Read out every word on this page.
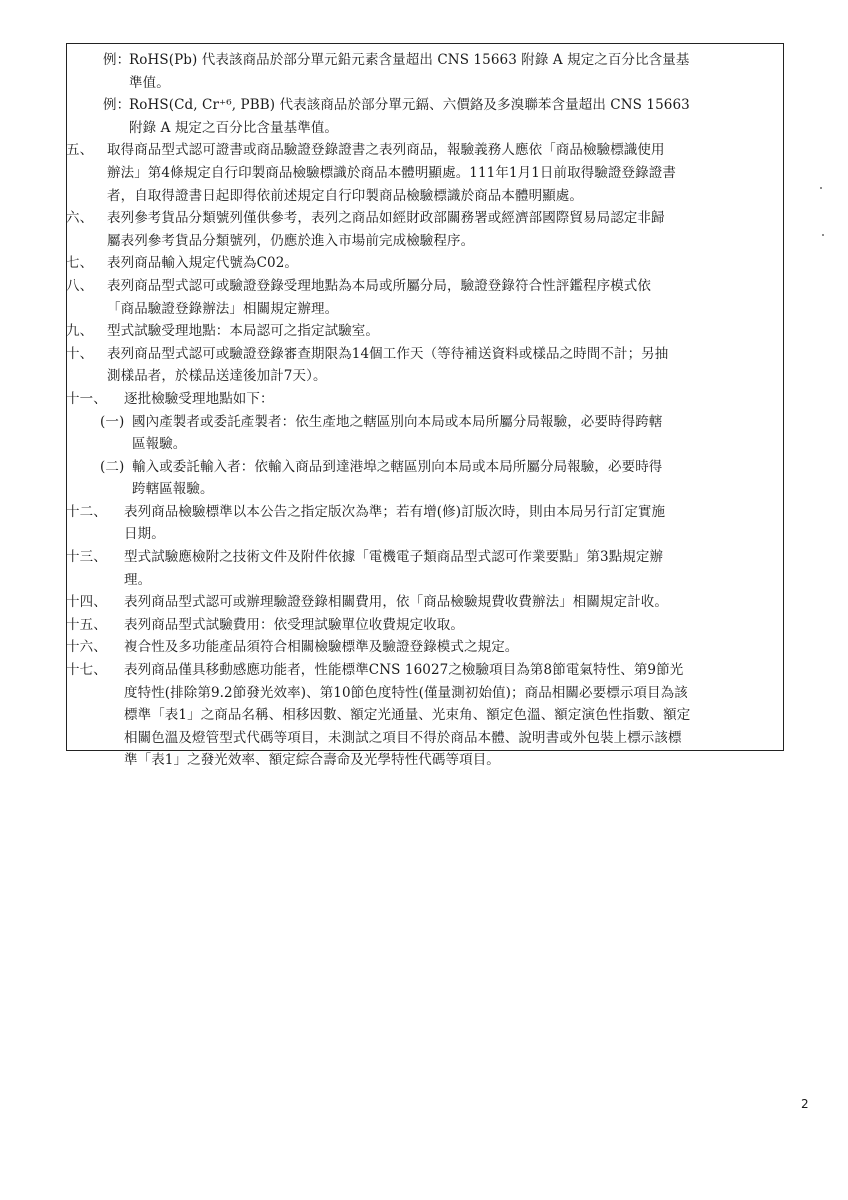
例：
RoHS(Pb) 代表該商品於部分單元鉛元素含量超出 CNS 15663 附錄 A 規定之百分比含量基
準值。
例：
RoHS(Cd, Cr⁺⁶, PBB) 代表該商品於部分單元鎘、六價鉻及多溴聯苯含量超出 CNS 15663
附錄 A 規定之百分比含量基準值。
五、 取得商品型式認可證書或商品驗證登錄證書之表列商品，報驗義務人應依「商品檢驗標識使用
辦法」第4條規定自行印製商品檢驗標識於商品本體明顯處。111年1月1日前取得驗證登錄證書
者，自取得證書日起即得依前述規定自行印製商品檢驗標識於商品本體明顯處。
六、 表列參考貨品分類號列僅供參考，表列之商品如經財政部關務署或經濟部國際貿易局認定非歸
屬表列參考貨品分類號列，仍應於進入市場前完成檢驗程序。
七、 表列商品輸入規定代號為C02。
八、 表列商品型式認可或驗證登錄受理地點為本局或所屬分局，驗證登錄符合性評鑑程序模式依
「商品驗證登錄辦法」相關規定辦理。
九、 型式試驗受理地點：本局認可之指定試驗室。
十、 表列商品型式認可或驗證登錄審查期限為14個工作天（等待補送資料或樣品之時間不計；另抽
測樣品者，於樣品送達後加計7天）。
十一、 逐批檢驗受理地點如下：
(一) 國內產製者或委託產製者：依生產地之轄區別向本局或本局所屬分局報驗，必要時得跨轄
區報驗。
(二) 輸入或委託輸入者：依輸入商品到達港埠之轄區別向本局或本局所屬分局報驗，必要時得
跨轄區報驗。
十二、 表列商品檢驗標準以本公告之指定版次為準；若有增(修)訂版次時，則由本局另行訂定實施
日期。
十三、 型式試驗應檢附之技術文件及附件依據「電機電子類商品型式認可作業要點」第3點規定辦
理。
十四、 表列商品型式認可或辦理驗證登錄相關費用，依「商品檢驗規費收費辦法」相關規定計收。
十五、 表列商品型式試驗費用：依受理試驗單位收費規定收取。
十六、 複合性及多功能產品須符合相關檢驗標準及驗證登錄模式之規定。
十七、 表列商品僅具移動感應功能者，性能標準CNS 16027之檢驗項目為第8節電氣特性、第9節光
度特性(排除第9.2節發光效率)、第10節色度特性(僅量測初始值)；商品相關必要標示項目為該
標準「表1」之商品名稱、相移因數、額定光通量、光束角、額定色溫、額定演色性指數、額定
相關色溫及燈管型式代碼等項目，未測試之項目不得於商品本體、說明書或外包裝上標示該標
準「表1」之發光效率、額定綜合壽命及光學特性代碼等項目。
2
